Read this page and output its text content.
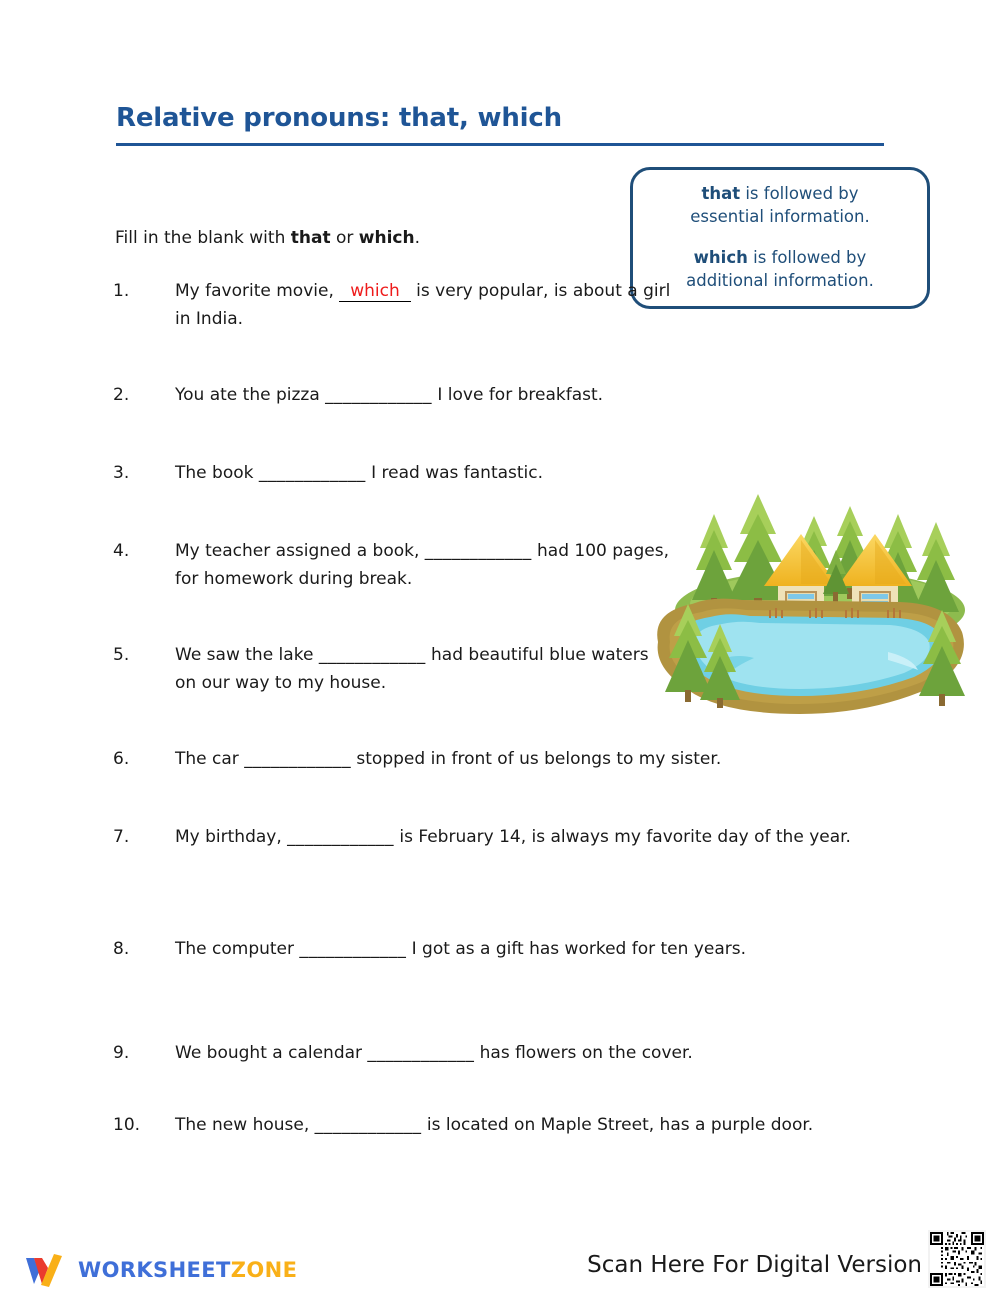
Relative pronouns: that, which
that is followed by
essential information.
which is followed by
additional information.
Fill in the blank with that or which.
1.	My favorite movie, which is very popular, is about a girl in India.
2.	You ate the pizza ____________ I love for breakfast.
3.	The book ____________ I read was fantastic.
4.	My teacher assigned a book, ____________ had 100 pages, for homework during break.
5.	We saw the lake ____________ had beautiful blue waters on our way to my house.
6.	The car ____________ stopped in front of us belongs to my sister.
7.	My birthday, ____________ is February 14, is always my favorite day of the year.
8.	The computer ____________ I got as a gift has worked for ten years.
9.	We bought a calendar ____________ has flowers on the cover.
10.	The new house, ____________ is located on Maple Street, has a purple door.
WORKSHEETZONE	Scan Here For Digital Version
